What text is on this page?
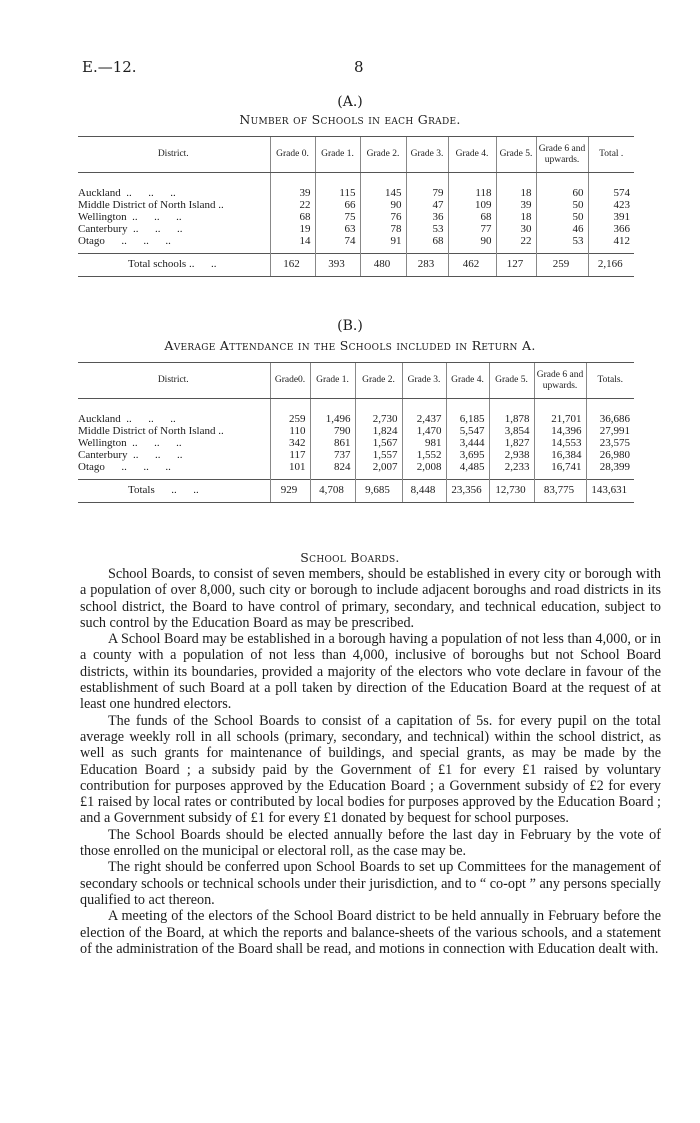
E.—12.	8
(A.)
Number of Schools in each Grade.
District.	Grade 0.	Grade 1.	Grade 2.	Grade 3.	Grade 4.	Grade 5.	Grade 6 and upwards.	Total .
Auckland  ..      ..      ..	39	115	145	79	118	18	60	574
Middle District of North Island ..	22	66	90	47	109	39	50	423
Wellington  ..      ..      ..	68	75	76	36	68	18	50	391
Canterbury  ..      ..      ..	19	63	78	53	77	30	46	366
Otago      ..      ..      ..	14	74	91	68	90	22	53	412
Total schools ..      ..	162	393	480	283	462	127	259	2,166
(B.)
Average Attendance in the Schools included in Return A.
District.	Grade0.	Grade 1.	Grade 2.	Grade 3.	Grade 4.	Grade 5.	Grade 6 and upwards.	Totals.
Auckland  ..      ..      ..	259	1,496	2,730	2,437	6,185	1,878	21,701	36,686
Middle District of North Island ..	110	790	1,824	1,470	5,547	3,854	14,396	27,991
Wellington  ..      ..      ..	342	861	1,567	981	3,444	1,827	14,553	23,575
Canterbury  ..      ..      ..	117	737	1,557	1,552	3,695	2,938	16,384	26,980
Otago      ..      ..      ..	101	824	2,007	2,008	4,485	2,233	16,741	28,399
Totals      ..      ..	929	4,708	9,685	8,448	23,356	12,730	83,775	143,631
School Boards.

School Boards, to consist of seven members, should be established in every city or borough with a population of over 8,000, such city or borough to include adjacent boroughs and road districts in its school district, the Board to have control of primary, secondary, and technical education, subject to such control by the Education Board as may be prescribed.

A School Board may be established in a borough having a population of not less than 4,000, or in a county with a population of not less than 4,000, inclusive of boroughs but not School Board districts, within its boundaries, provided a majority of the electors who vote declare in favour of the establishment of such Board at a poll taken by direction of the Education Board at the request of at least one hundred electors.

The funds of the School Boards to consist of a capitation of 5s. for every pupil on the total average weekly roll in all schools (primary, secondary, and technical) within the school district, as well as such grants for maintenance of buildings, and special grants, as may be made by the Education Board ; a subsidy paid by the Government of £1 for every £1 raised by voluntary contribution for purposes approved by the Education Board ; a Government subsidy of £2 for every £1 raised by local rates or contributed by local bodies for purposes approved by the Education Board ; and a Government subsidy of £1 for every £1 donated by bequest for school purposes.

The School Boards should be elected annually before the last day in February by the vote of those enrolled on the municipal or electoral roll, as the case may be.

The right should be conferred upon School Boards to set up Committees for the management of secondary schools or technical schools under their jurisdiction, and to “ co-opt ” any persons specially qualified to act thereon.

A meeting of the electors of the School Board district to be held annually in February before the election of the Board, at which the reports and balance-sheets of the various schools, and a statement of the administration of the Board shall be read, and motions in connection with Education dealt with.
